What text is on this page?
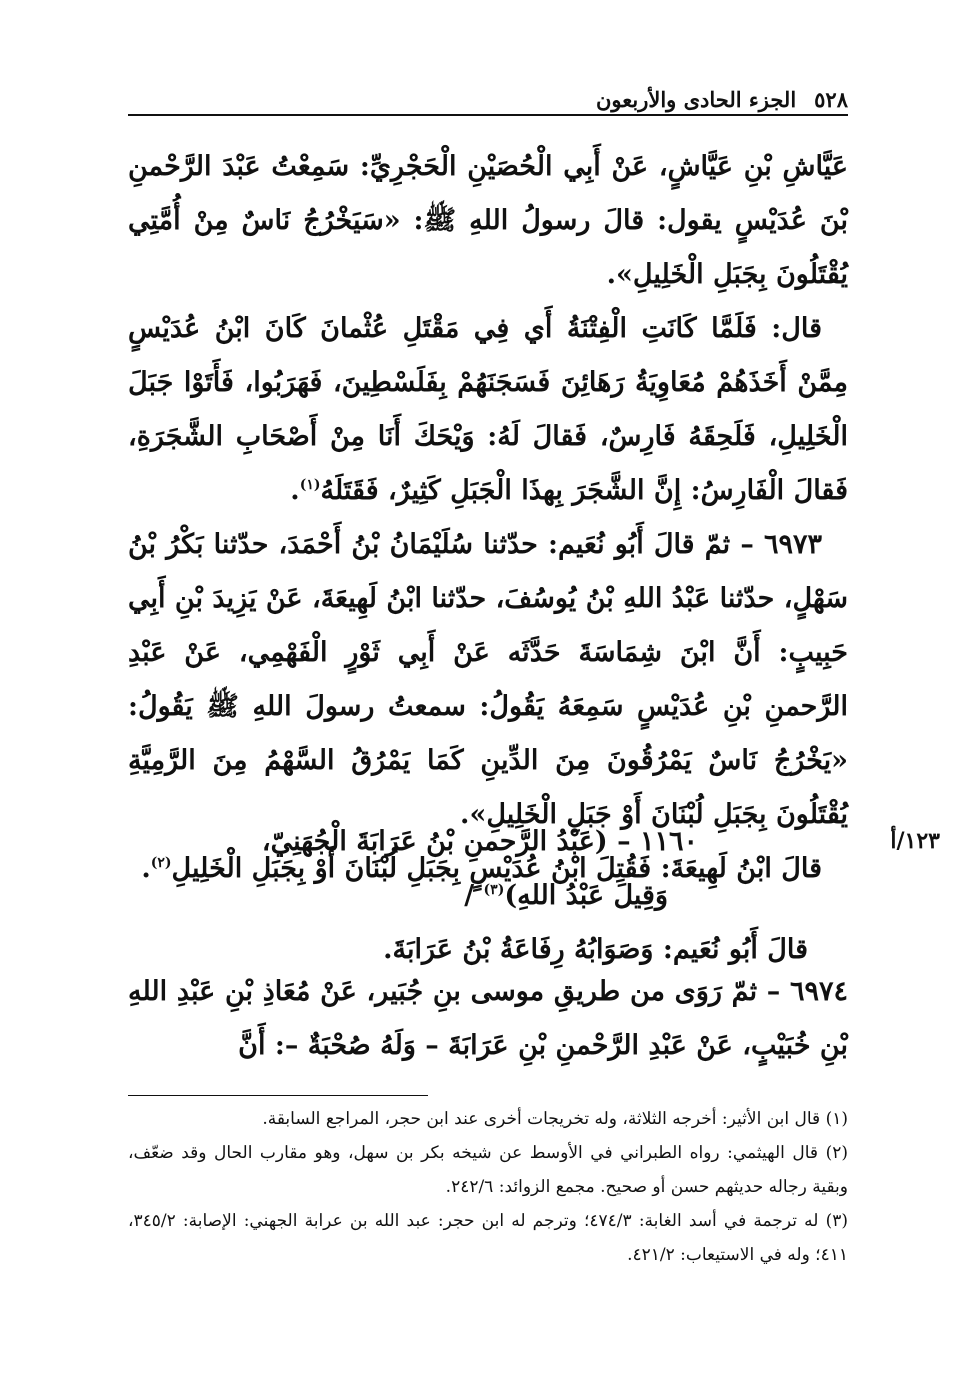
٥٢٨
الجزء الحادى والأربعون

عَيَّاشِ بْنِ عَيَّاشٍ، عَنْ أَبِي الْحُصَيْنِ الْحَجْرِيِّ: سَمِعْتُ عَبْدَ الرَّحْمنِ بْنَ عُدَيْسٍ يقول: قالَ رسولُ اللهِ ﷺ: «سَيَخْرُجُ نَاسٌ مِنْ أُمَّتِي يُقْتَلُونَ بِجَبَلِ الْخَلِيلِ».

قال: فَلَمَّا كَانَتِ الْفِتْنَةُ أَي فِي مَقْتَلِ عُثْمانَ كَانَ ابْنُ عُدَيْسٍ مِمَّنْ أَخَذَهُمْ مُعَاوِيَةُ رَهَائِنَ فَسَجَنَهُمْ بِفَلَسْطِينَ، فَهَرَبُوا، فَأَتَوْا جَبَلَ الْخَلِيلِ، فَلَحِقَهُ فَارِسٌ، فَقالَ لَهُ: وَيْحَكَ أَنَا مِنْ أَصْحَابِ الشَّجَرَةِ، فَقالَ الْفَارِسُ: إِنَّ الشَّجَرَ بِهذَا الْجَبَلِ كَثِيرٌ، فَقَتَلَهُ$^{(١)}$.

٦٩٧٣ – ثمّ قالَ أَبُو نُعَيم: حدّثنا سُلَيْمَانُ بْنُ أَحْمَدَ، حدّثنا بَكْرُ بْنُ سَهْلٍ، حدّثنا عَبْدُ اللهِ بْنُ يُوسُفَ، حدّثنا ابْنُ لَهِيعَةَ، عَنْ يَزِيدَ بْنِ أَبِي حَبِيبٍ: أَنَّ ابْنَ شِمَاسَةَ حَدَّثَه عَنْ أَبِي ثَوْرٍ الْفَهْمِي، عَنْ عَبْدِ الرَّحمنِ بْنِ عُدَيْسٍ سَمِعَهُ يَقُولُ: سمعتُ رسولَ اللهِ ﷺ يَقُولُ: «يَخْرُجُ نَاسٌ يَمْرُقُونَ مِنَ الدِّينِ كَمَا يَمْرُقُ السَّهْمُ مِنَ الرَّمِيَّةِ يُقْتَلُونَ بِجَبَلِ لُبْنَانَ أَوْ جَبَلِ الْخَلِيلِ».

قالَ ابْنُ لَهِيعَةَ: فَقُتِلَ ابْنُ عُدَيْسٍ بِجَبَلِ لُبْنَانَ أَوْ بِجَبَلِ الْخَلِيلِ$^{(٢)}$.

١٢٣/أ
١١٦٠ – (عَبْدُ الرَّحمنِ بْنُ عَرَابَةَ الْجُهَنِيّ،
وَقِيلَ عَبْدُ اللهِ)$^{(٣)}$ /
قالَ أَبُو نُعَيم: وَصَوَابُهُ رِفَاعَةُ بْنُ عَرَابَةَ.

٦٩٧٤ – ثمّ رَوَى من طريقِ موسى بنِ جُبَير، عَنْ مُعَاذِ بْنِ عَبْدِ اللهِ بْنِ خُبَيْبٍ، عَنْ عَبْدِ الرَّحْمنِ بْنِ عَرَابَةَ – وَلَهُ صُحْبَةٌ –: أَنَّ

(١) قال ابن الأثير: أخرجه الثلاثة، وله تخريجات أخرى عند ابن حجر، المراجع السابقة.

(٢) قال الهيثمي: رواه الطبراني في الأوسط عن شيخه بكر بن سهل، وهو مقارب الحال وقد ضعّف، وبقية رجاله حديثهم حسن أو صحيح. مجمع الزوائد: ٢٤٢/٦.

(٣) له ترجمة في أسد الغابة: ٤٧٤/٣؛ وترجم له ابن حجر: عبد الله بن عرابة الجهني: الإصابة: ٣٤٥/٢، ٤١١؛ وله في الاستيعاب: ٤٢١/٢.
